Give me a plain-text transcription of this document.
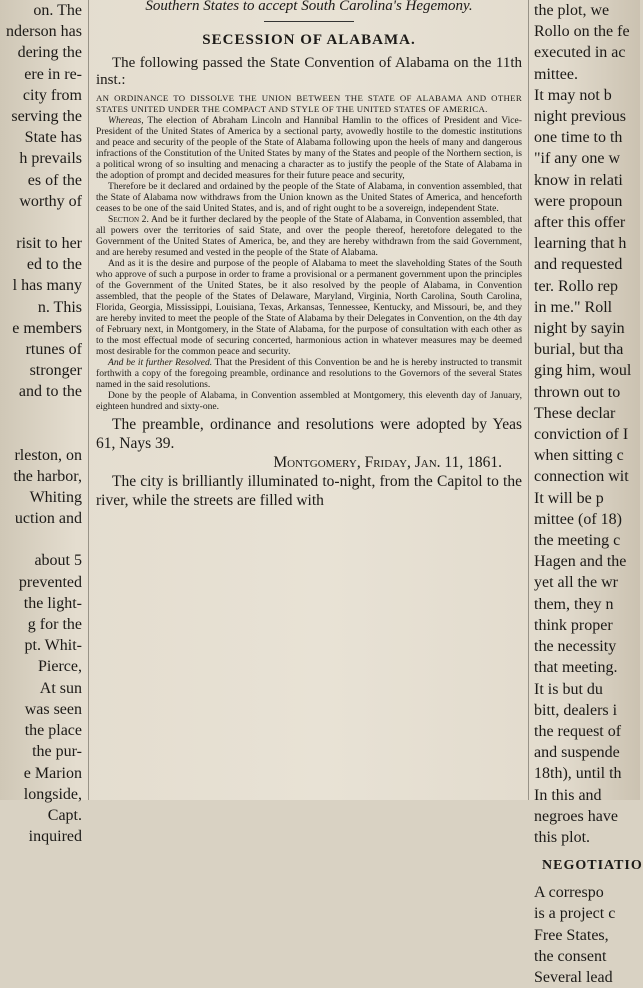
on. The
nderson has
dering the
ere in re-
city from
serving the
State has
h prevails
es of the
worthy of
risit to her
ed to the
l has many
n. This
e members
rtunes of
stronger
and to the
rleston, on
the harbor,
Whiting
uction and
about 5
prevented
the light-
g for the
pt. Whit-
Pierce,
At sun
was seen
the place
the pur-
e Marion
longside,
Capt.
inquired
Southern States to accept South Carolina's Hegemony.
SECESSION OF ALABAMA.

The following passed the State Convention of Alabama on the 11th inst.:

AN ORDINANCE TO DISSOLVE THE UNION BETWEEN THE STATE OF ALABAMA AND OTHER STATES UNITED UNDER THE COMPACT AND STYLE OF THE UNITED STATES OF AMERICA.

Whereas, The election of Abraham Lincoln and Hannibal Hamlin to the offices of President and Vice-President of the United States of America by a sectional party, avowedly hostile to the domestic institutions and peace and security of the people of the State of Alabama following upon the heels of many and dangerous infractions of the Constitution of the United States by many of the States and people of the Northern section, is a political wrong of so insulting and menacing a character as to justify the people of the State of Alabama in the adoption of prompt and decided measures for their future peace and security,

Therefore be it declared and ordained by the people of the State of Alabama, in convention assembled, that the State of Alabama now withdraws from the Union known as the United States of America, and henceforth ceases to be one of the said United States, and is, and of right ought to be a sovereign, independent State.

Section 2. And be it further declared by the people of the State of Alabama, in Convention assembled, that all powers over the territories of said State, and over the people thereof, heretofore delegated to the Government of the United States of America, be, and they are hereby withdrawn from the said Government, and are hereby resumed and vested in the people of the State of Alabama.

And as it is the desire and purpose of the people of Alabama to meet the slaveholding States of the South who approve of such a purpose in order to frame a provisional or a permanent government upon the principles of the Government of the United States, be it also resolved by the people of Alabama, in Convention assembled, that the people of the States of Delaware, Maryland, Virginia, North Carolina, South Carolina, Florida, Georgia, Mississippi, Louisiana, Texas, Arkansas, Tennessee, Kentucky, and Missouri, be, and they are hereby invited to meet the people of the State of Alabama by their Delegates in Convention, on the 4th day of February next, in Montgomery, in the State of Alabama, for the purpose of consultation with each other as to the most effectual mode of securing concerted, harmonious action in whatever measures may be deemed most desirable for the common peace and security.

And be it further Resolved. That the President of this Convention be and he is hereby instructed to transmit forthwith a copy of the foregoing preamble, ordinance and resolutions to the Governors of the several States named in the said resolutions.

Done by the people of Alabama, in Convention assembled at Montgomery, this eleventh day of January, eighteen hundred and sixty-one.

The preamble, ordinance and resolutions were adopted by Yeas 61, Nays 39.

Montgomery, Friday, Jan. 11, 1861.

The city is brilliantly illuminated to-night, from the Capitol to the river, while the streets are filled with

the plot, we
Rollo on the fe
executed in ac
mittee.
It may not b
night previous
one time to th
"if any one w
know in relati
were propoun
after this offer
learning that h
and requested
ter. Rollo rep
in me." Roll
night by sayin
burial, but tha
ging him, woul
thrown out to
These declar
conviction of I
when sitting c
connection wit
It will be p
mittee (of 18)
the meeting c
Hagen and the
yet all the wr
them, they n
think proper
the necessity
that meeting.
It is but du
bitt, dealers i
the request of
and suspende
18th), until th
In this and
negroes have
this plot.
NEGOTIATIO
A correspo
is a project c
Free States,
the consent
Several lead
